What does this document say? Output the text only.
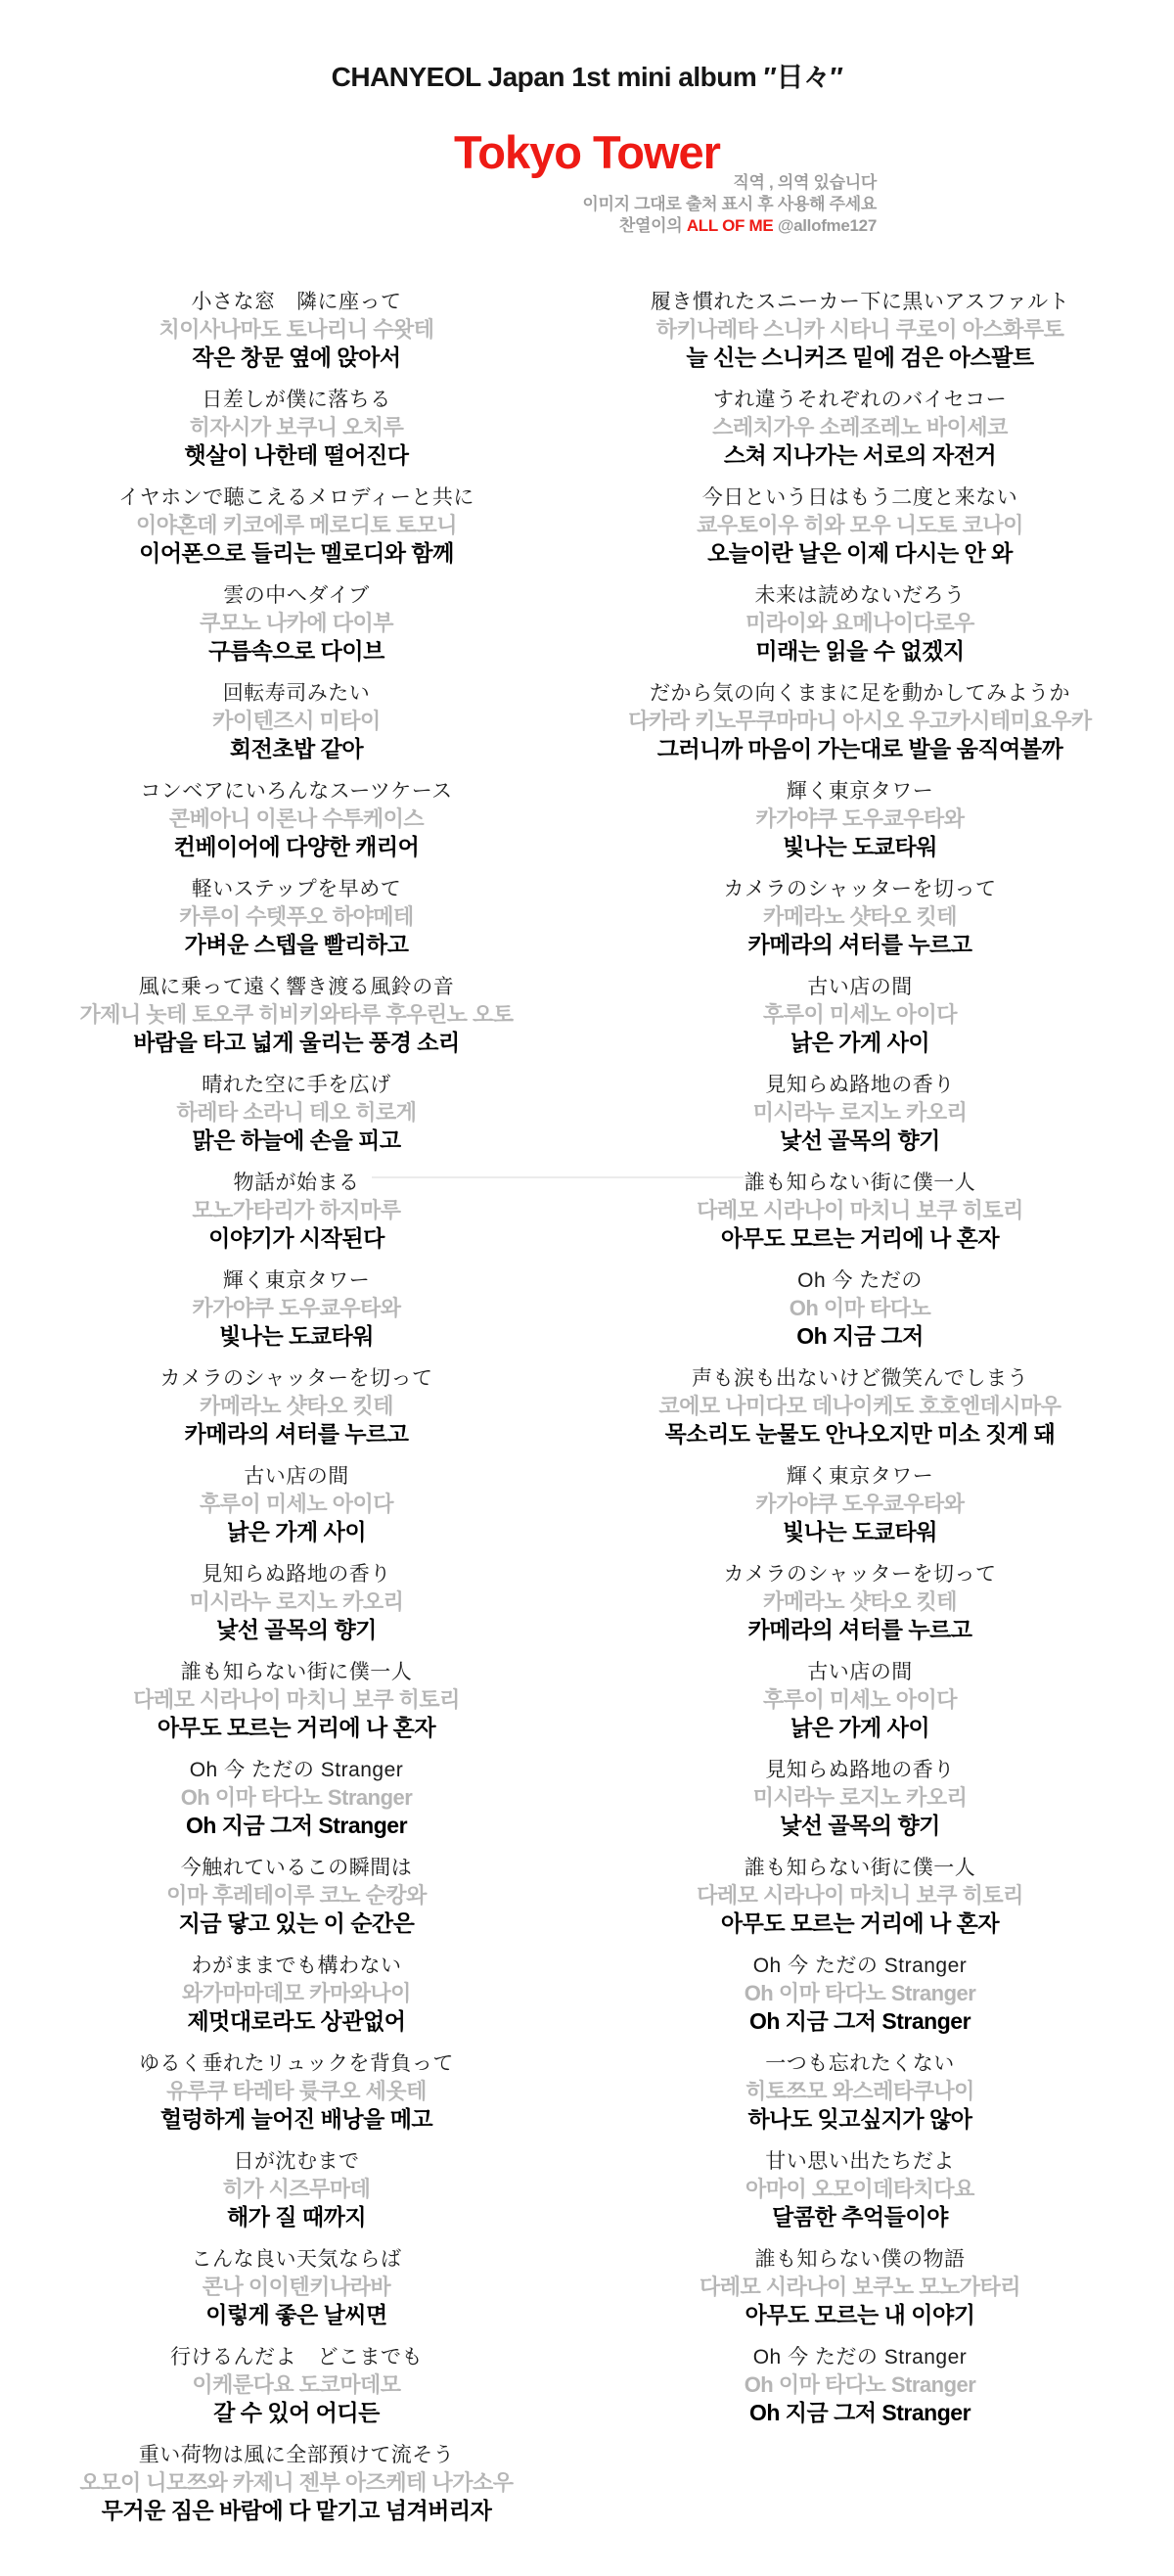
CHANYEOL Japan 1st mini album ″日々″
Tokyo Tower
직역 , 의역 있습니다
이미지 그대로 출처 표시 후 사용해 주세요
찬열이의 ALL OF ME @allofme127
小さな窓　隣に座って
치이사나마도 토나리니 수왓테
작은 창문 옆에 앉아서
日差しが僕に落ちる
히자시가 보쿠니 오치루
햇살이 나한테 떨어진다
イヤホンで聴こえるメロディーと共に
이야혼데 키코에루 메로디토 토모니
이어폰으로 들리는 멜로디와 함께
雲の中へダイブ
쿠모노 나카에 다이부
구름속으로 다이브
回転寿司みたい
카이텐즈시 미타이
회전초밥 같아
コンベアにいろんなスーツケース
콘베아니 이론나 수투케이스
컨베이어에 다양한 캐리어
軽いステップを早めて
카루이 수텟푸오 하야메테
가벼운 스텝을 빨리하고
風に乗って遠く響き渡る風鈴の音
가제니 놋테 토오쿠 히비키와타루 후우린노 오토
바람을 타고 넓게 울리는 풍경 소리
晴れた空に手を広げ
하레타 소라니 테오 히로게
맑은 하늘에 손을 피고
物話が始まる
모노가타리가 하지마루
이야기가 시작된다
輝く東京タワー
카가야쿠 도우쿄우타와
빛나는 도쿄타워
カメラのシャッターを切って
카메라노 샷타오 킷테
카메라의 셔터를 누르고
古い店の間
후루이 미세노 아이다
낡은 가게 사이
見知らぬ路地の香り
미시라누 로지노 카오리
낯선 골목의 향기
誰も知らない街に僕一人
다레모 시라나이 마치니 보쿠 히토리
아무도 모르는 거리에 나 혼자
Oh 今 ただの Stranger
Oh 이마 타다노 Stranger
Oh 지금 그저 Stranger
今触れているこの瞬間は
이마 후레테이루 코노 순캉와
지금 닿고 있는 이 순간은
わがままでも構わない
와가마마데모 카마와나이
제멋대로라도 상관없어
ゆるく垂れたリュックを背負って
유루쿠 타레타 륫쿠오 세옷테
헐렁하게 늘어진 배낭을 메고
日が沈むまで
히가 시즈무마데
해가 질 때까지
こんな良い天気ならば
콘나 이이텐키나라바
이렇게 좋은 날씨면
行けるんだよ　どこまでも
이케룬다요 도코마데모
갈 수 있어 어디든
重い荷物は風に全部預けて流そう
오모이 니모쯔와 카제니 젠부 아즈케테 나가소우
무거운 짐은 바람에 다 맡기고 넘겨버리자
履き慣れたスニーカー下に黒いアスファルト
하키나레타 스니카 시타니 쿠로이 아스화루토
늘 신는 스니커즈 밑에 검은 아스팔트
すれ違うそれぞれのバイセコー
스레치가우 소레조레노 바이세코
스쳐 지나가는 서로의 자전거
今日という日はもう二度と来ない
쿄우토이우 히와 모우 니도토 코나이
오늘이란 날은 이제 다시는 안 와
未来は読めないだろう
미라이와 요메나이다로우
미래는 읽을 수 없겠지
だから気の向くままに足を動かしてみようか
다카라 키노무쿠마마니 아시오 우고카시테미요우카
그러니까 마음이 가는대로 발을 움직여볼까
輝く東京タワー
카가야쿠 도우쿄우타와
빛나는 도쿄타워
カメラのシャッターを切って
카메라노 샷타오 킷테
카메라의 셔터를 누르고
古い店の間
후루이 미세노 아이다
낡은 가게 사이
見知らぬ路地の香り
미시라누 로지노 카오리
낯선 골목의 향기
誰も知らない街に僕一人
다레모 시라나이 마치니 보쿠 히토리
아무도 모르는 거리에 나 혼자
Oh 今 ただの
Oh 이마 타다노
Oh 지금 그저
声も涙も出ないけど微笑んでしまう
코에모 나미다모 데나이케도 호호엔데시마우
목소리도 눈물도 안나오지만 미소 짓게 돼
輝く東京タワー
카가야쿠 도우쿄우타와
빛나는 도쿄타워
カメラのシャッターを切って
카메라노 샷타오 킷테
카메라의 셔터를 누르고
古い店の間
후루이 미세노 아이다
낡은 가게 사이
見知らぬ路地の香り
미시라누 로지노 카오리
낯선 골목의 향기
誰も知らない街に僕一人
다레모 시라나이 마치니 보쿠 히토리
아무도 모르는 거리에 나 혼자
Oh 今 ただの Stranger
Oh 이마 타다노 Stranger
Oh 지금 그저 Stranger
一つも忘れたくない
히토쯔모 와스레타쿠나이
하나도 잊고싶지가 않아
甘い思い出たちだよ
아마이 오모이데타치다요
달콤한 추억들이야
誰も知らない僕の物語
다레모 시라나이 보쿠노 모노가타리
아무도 모르는 내 이야기
Oh 今 ただの Stranger
Oh 이마 타다노 Stranger
Oh 지금 그저 Stranger
